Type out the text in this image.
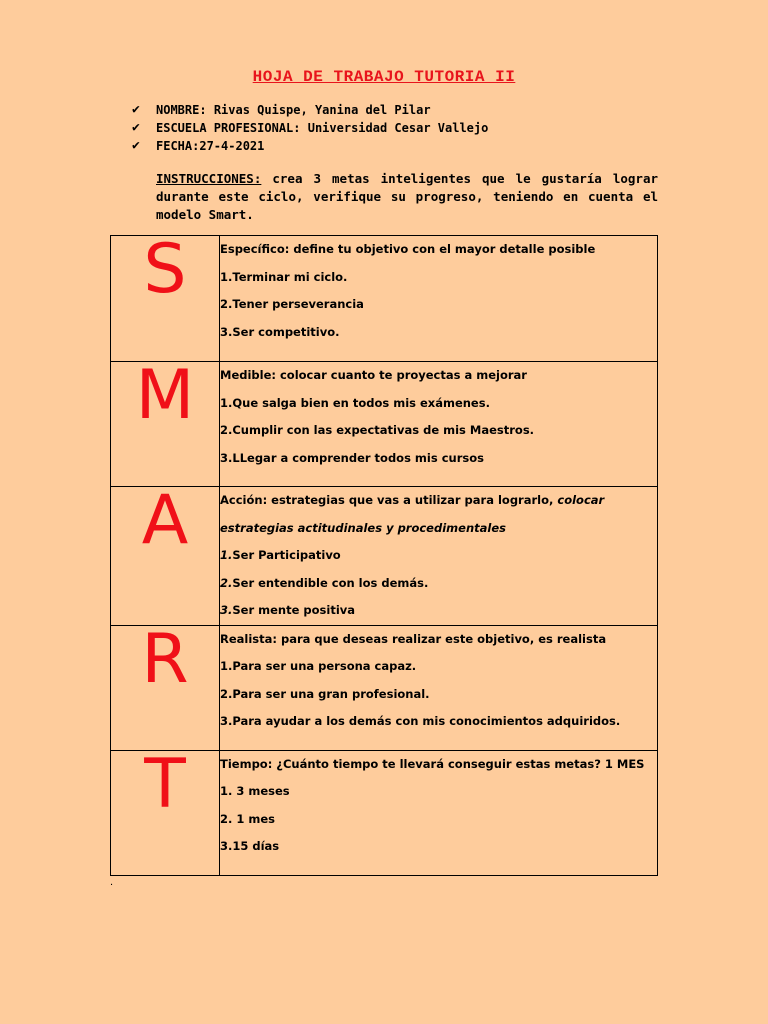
HOJA DE TRABAJO TUTORIA II
✔	NOMBRE:
Rivas Quispe, Yanina del Pilar
✔	ESCUELA PROFESIONAL:
Universidad Cesar Vallejo
✔	FECHA: 27-4-2021
INSTRUCCIONES: crea 3 metas inteligentes que le gustaría lograr durante este ciclo, verifique su progreso, teniendo en cuenta el modelo Smart.
S	Específico: define tu objetivo con el mayor detalle posible
1.Terminar mi ciclo.
2.Tener perseverancia
3.Ser competitivo.

M	Medible: colocar cuanto te proyectas a mejorar
1.Que salga bien en todos mis exámenes.
2.Cumplir con las expectativas de mis Maestros.
3.LLegar a comprender todos mis cursos

A	Acción: estrategias que vas a utilizar para lograrlo, colocar estrategias actitudinales y procedimentales
1.Ser Participativo
2.Ser entendible con los demás.
3.Ser mente positiva

R	Realista: para que deseas realizar este objetivo, es realista
1.Para ser una persona capaz.
2.Para ser una gran profesional.
3.Para ayudar a los demás con mis conocimientos adquiridos.

T	Tiempo: ¿Cuánto tiempo te llevará conseguir estas metas? 1 MES
1. 3 meses
2. 1 mes
3.15 días
.
